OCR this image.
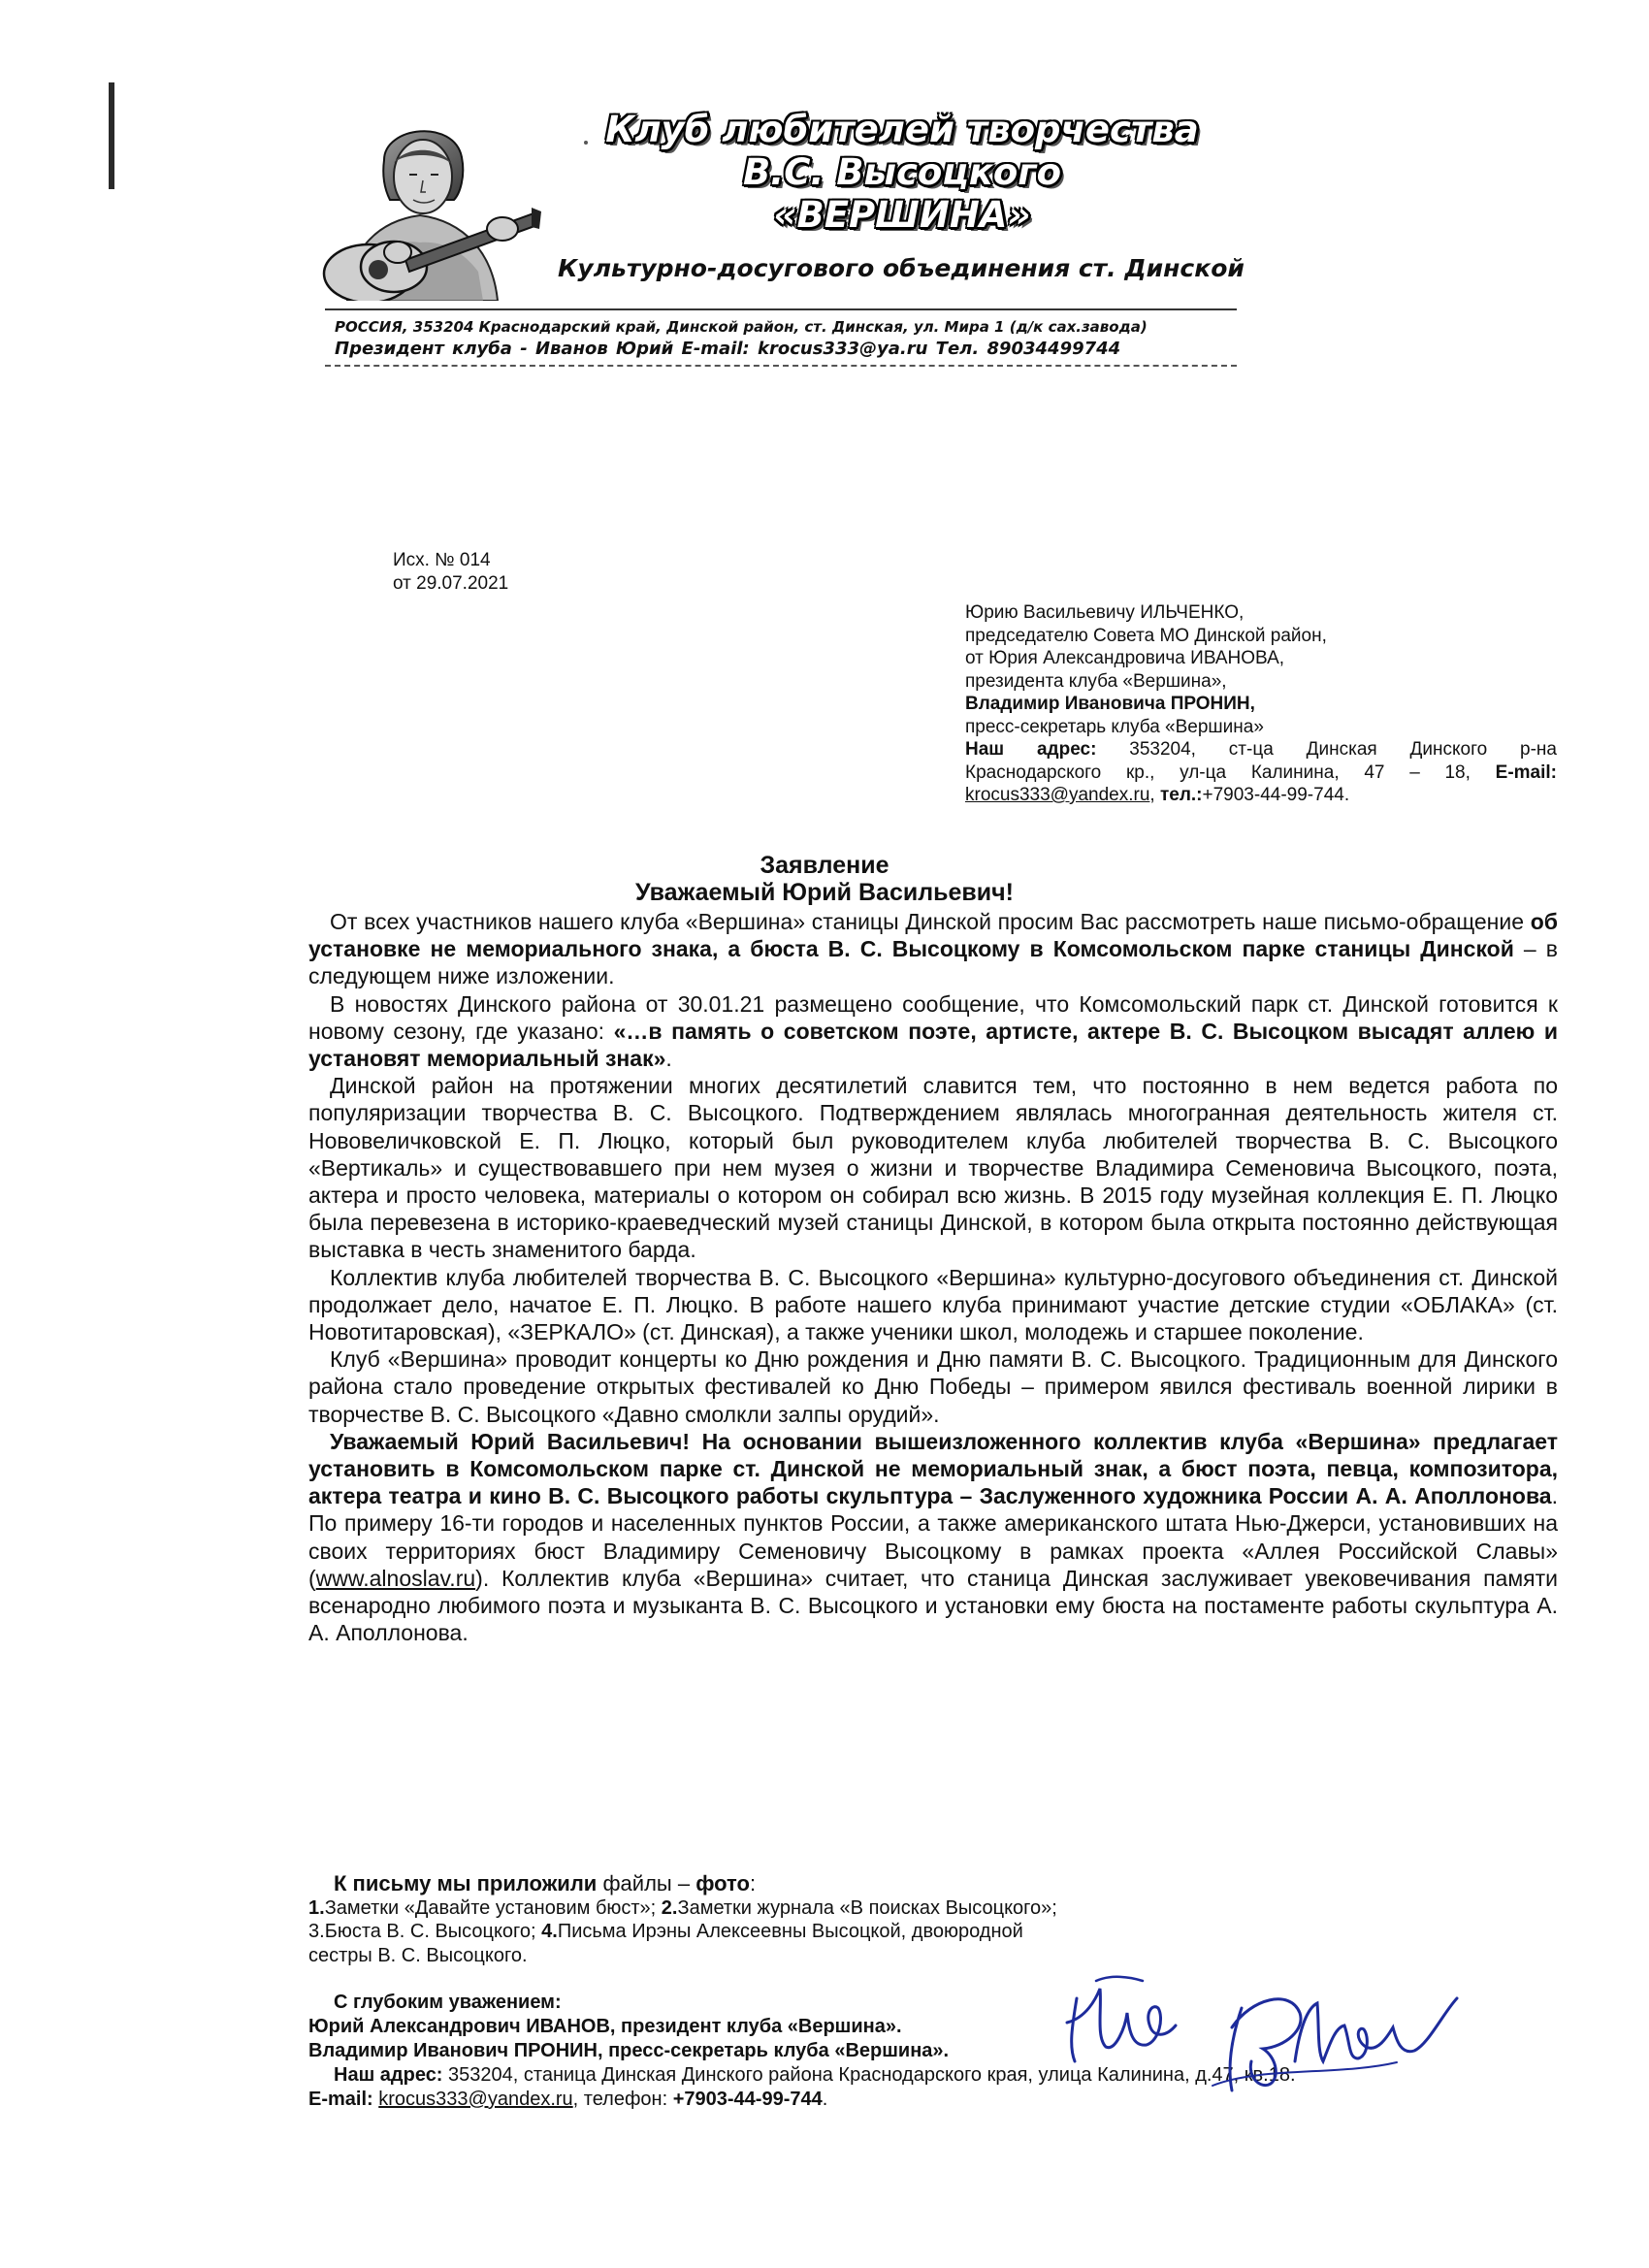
Клуб любителей творчества
В.С. Высоцкого
«ВЕРШИНА»
Культурно-досугового объединения ст. Динской
РОССИЯ, 353204 Краснодарский край, Динской район, ст. Динская, ул. Мира 1 (д/к сах.завода)
Президент клуба - Иванов Юрий E-mail: krocus333@ya.ru Тел. 89034499744
Исх. № 014
от 29.07.2021
Юрию Васильевичу ИЛЬЧЕНКО,
председателю Совета МО Динской район,
от Юрия Александровича ИВАНОВА,
президента клуба «Вершина»,
Владимир Ивановича ПРОНИН,
пресс-секретарь клуба «Вершина»
Наш адрес: 353204, ст-ца Динская Динского р-на
Краснодарского кр., ул-ца Калинина, 47 – 18, E-mail:
krocus333@yandex.ru, тел.:+7903-44-99-744.
Заявление
Уважаемый Юрий Васильевич!

От всех участников нашего клуба «Вершина» станицы Динской просим Вас рассмотреть наше письмо-обращение об установке не мемориального знака, а бюста В. С. Высоцкому в Комсомольском парке станицы Динской – в следующем ниже изложении.

В новостях Динского района от 30.01.21 размещено сообщение, что Комсомольский парк ст. Динской готовится к новому сезону, где указано: «…в память о советском поэте, артисте, актере В. С. Высоцком высадят аллею и установят мемориальный знак».

Динской район на протяжении многих десятилетий славится тем, что постоянно в нем ведется работа по популяризации творчества В. С. Высоцкого. Подтверждением являлась многогранная деятельность жителя ст. Нововеличковской Е. П. Люцко, который был руководителем клуба любителей творчества В. С. Высоцкого «Вертикаль» и существовавшего при нем музея о жизни и творчестве Владимира Семеновича Высоцкого, поэта, актера и просто человека, материалы о котором он собирал всю жизнь. В 2015 году музейная коллекция Е. П. Люцко была перевезена в историко-краеведческий музей станицы Динской, в котором была открыта постоянно действующая выставка в честь знаменитого барда.

Коллектив клуба любителей творчества В. С. Высоцкого «Вершина» культурно-досугового объединения ст. Динской продолжает дело, начатое Е. П. Люцко. В работе нашего клуба принимают участие детские студии «ОБЛАКА» (ст. Новотитаровская), «ЗЕРКАЛО» (ст. Динская), а также ученики школ, молодежь и старшее поколение.

Клуб «Вершина» проводит концерты ко Дню рождения и Дню памяти В. С. Высоцкого. Традиционным для Динского района стало проведение открытых фестивалей ко Дню Победы – примером явился фестиваль военной лирики в творчестве В. С. Высоцкого «Давно смолкли залпы орудий».

Уважаемый Юрий Васильевич! На основании вышеизложенного коллектив клуба «Вершина» предлагает установить в Комсомольском парке ст. Динской не мемориальный знак, а бюст поэта, певца, композитора, актера театра и кино В. С. Высоцкого работы скульптура – Заслуженного художника России А. А. Аполлонова. По примеру 16-ти городов и населенных пунктов России, а также американского штата Нью-Джерси, установивших на своих территориях бюст Владимиру Семеновичу Высоцкому в рамках проекта «Аллея Российской Славы» (www.alnoslav.ru). Коллектив клуба «Вершина» считает, что станица Динская заслуживает увековечивания памяти всенародно любимого поэта и музыканта В. С. Высоцкого и установки ему бюста на постаменте работы скульптура А. А. Аполлонова.

К письму мы приложили файлы – фото:
1.Заметки «Давайте установим бюст»; 2.Заметки журнала «В поисках Высоцкого»;
3.Бюста В. С. Высоцкого; 4.Письма Ирэны Алексеевны Высоцкой, двоюродной
сестры В. С. Высоцкого.
С глубоким уважением:
Юрий Александрович ИВАНОВ, президент клуба «Вершина».
Владимир Иванович ПРОНИН, пресс-секретарь клуба «Вершина».
Наш адрес: 353204, станица Динская Динского района Краснодарского края, улица Калинина, д.47, кв.18.
E-mail: krocus333@yandex.ru, телефон: +7903-44-99-744.
